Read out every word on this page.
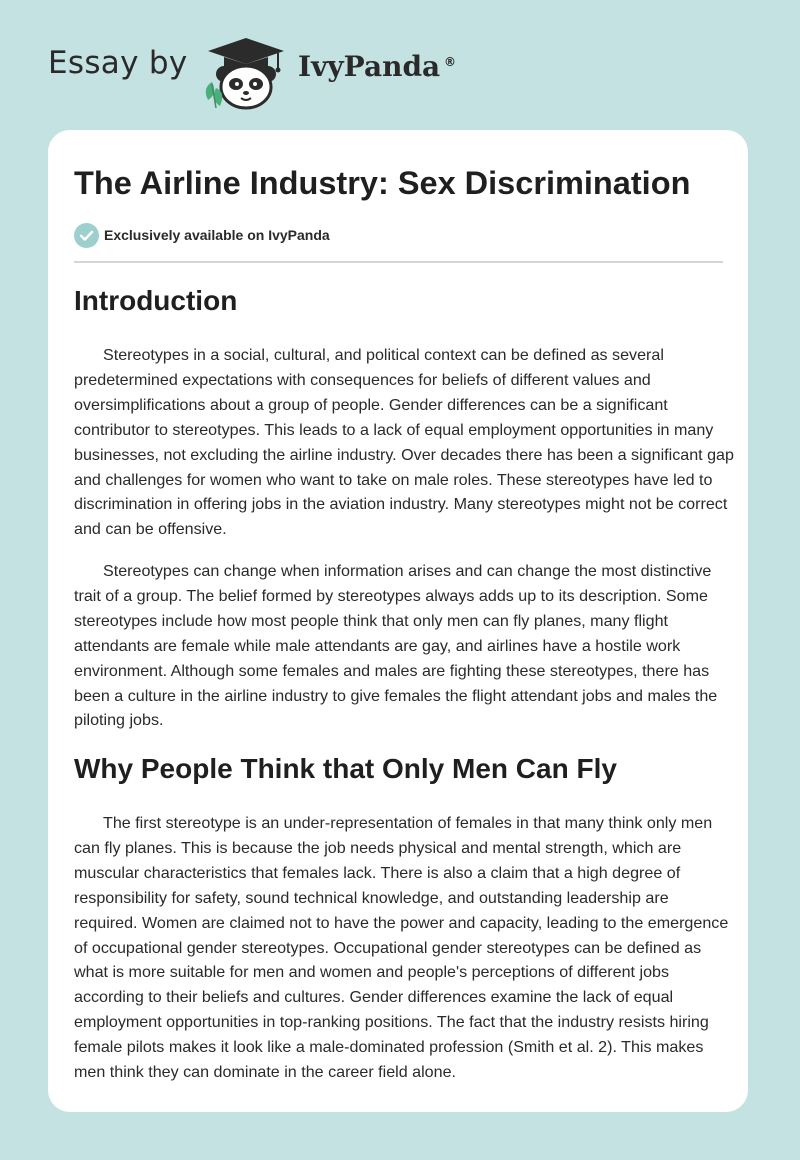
Essay by	IvyPanda ®
The Airline Industry: Sex Discrimination
Exclusively available on IvyPanda
Introduction

Stereotypes in a social, cultural, and political context can be defined as several predetermined expectations with consequences for beliefs of different values and oversimplifications about a group of people. Gender differences can be a significant contributor to stereotypes. This leads to a lack of equal employment opportunities in many businesses, not excluding the airline industry. Over decades there has been a significant gap and challenges for women who want to take on male roles. These stereotypes have led to discrimination in offering jobs in the aviation industry. Many stereotypes might not be correct and can be offensive.

Stereotypes can change when information arises and can change the most distinctive trait of a group. The belief formed by stereotypes always adds up to its description. Some stereotypes include how most people think that only men can fly planes, many flight attendants are female while male attendants are gay, and airlines have a hostile work environment. Although some females and males are fighting these stereotypes, there has been a culture in the airline industry to give females the flight attendant jobs and males the piloting jobs.

Why People Think that Only Men Can Fly

The first stereotype is an under-representation of females in that many think only men can fly planes. This is because the job needs physical and mental strength, which are muscular characteristics that females lack. There is also a claim that a high degree of responsibility for safety, sound technical knowledge, and outstanding leadership are required. Women are claimed not to have the power and capacity, leading to the emergence of occupational gender stereotypes. Occupational gender stereotypes can be defined as what is more suitable for men and women and people's perceptions of different jobs according to their beliefs and cultures. Gender differences examine the lack of equal employment opportunities in top-ranking positions. The fact that the industry resists hiring female pilots makes it look like a male-dominated profession (Smith et al. 2). This makes men think they can dominate in the career field alone.
